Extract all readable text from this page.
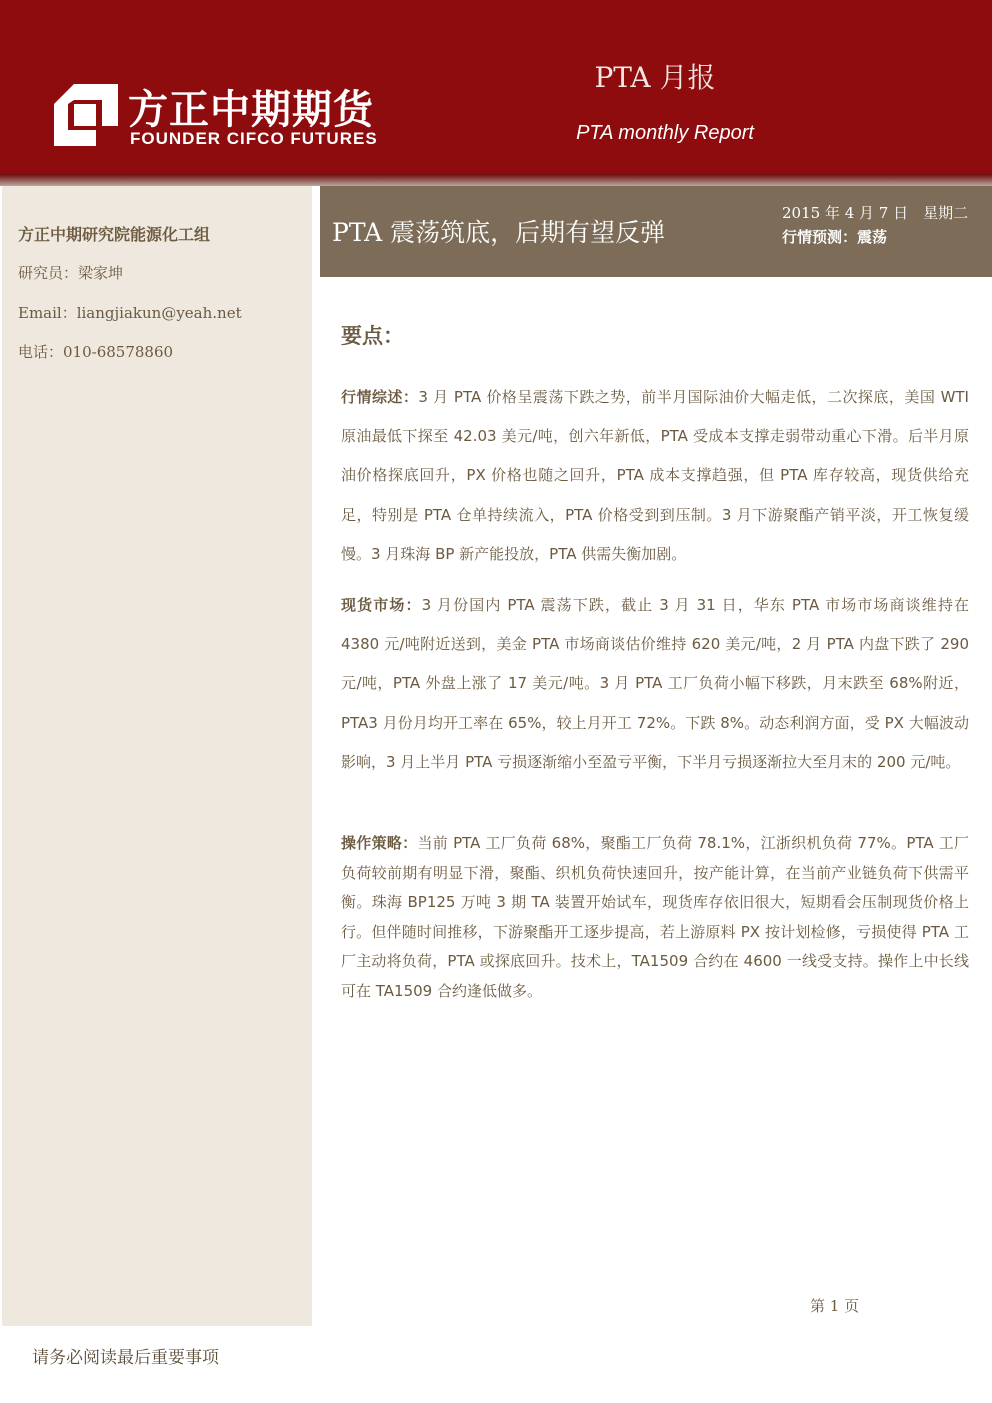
方正中期期货
FOUNDER CIFCO FUTURES
PTA 月报
PTA monthly Report
方正中期研究院能源化工组
研究员：梁家坤
Email：liangjiakun@yeah.net
电话：010-68578860
PTA 震荡筑底，后期有望反弹
2015 年 4 月 7 日　星期二
行情预测：震荡
要点：

行情综述：3 月 PTA 价格呈震荡下跌之势，前半月国际油价大幅走低，二次探底，美国 WTI 原油最低下探至 42.03 美元/吨，创六年新低，PTA 受成本支撑走弱带动重心下滑。后半月原油价格探底回升，PX 价格也随之回升，PTA 成本支撑趋强，但 PTA 库存较高，现货供给充足，特别是 PTA 仓单持续流入，PTA 价格受到到压制。3 月下游聚酯产销平淡，开工恢复缓慢。3 月珠海 BP 新产能投放，PTA 供需失衡加剧。

现货市场：3 月份国内 PTA 震荡下跌，截止 3 月 31 日，华东 PTA 市场市场商谈维持在 4380 元/吨附近送到，美金 PTA 市场商谈估价维持 620 美元/吨，2 月 PTA 内盘下跌了 290 元/吨，PTA 外盘上涨了 17 美元/吨。3 月 PTA 工厂负荷小幅下移跌，月末跌至 68%附近，PTA3 月份月均开工率在 65%，较上月开工 72%。下跌 8%。动态利润方面，受 PX 大幅波动影响，3 月上半月 PTA 亏损逐渐缩小至盈亏平衡，下半月亏损逐渐拉大至月末的 200 元/吨。

操作策略：当前 PTA 工厂负荷 68%，聚酯工厂负荷 78.1%，江浙织机负荷 77%。PTA 工厂负荷较前期有明显下滑，聚酯、织机负荷快速回升，按产能计算，在当前产业链负荷下供需平衡。珠海 BP125 万吨 3 期 TA 装置开始试车，现货库存依旧很大，短期看会压制现货价格上行。但伴随时间推移，下游聚酯开工逐步提高，若上游原料 PX 按计划检修，亏损使得 PTA 工厂主动将负荷，PTA 或探底回升。技术上，TA1509 合约在 4600 一线受支持。操作上中长线可在 TA1509 合约逢低做多。

第 1 页
请务必阅读最后重要事项
